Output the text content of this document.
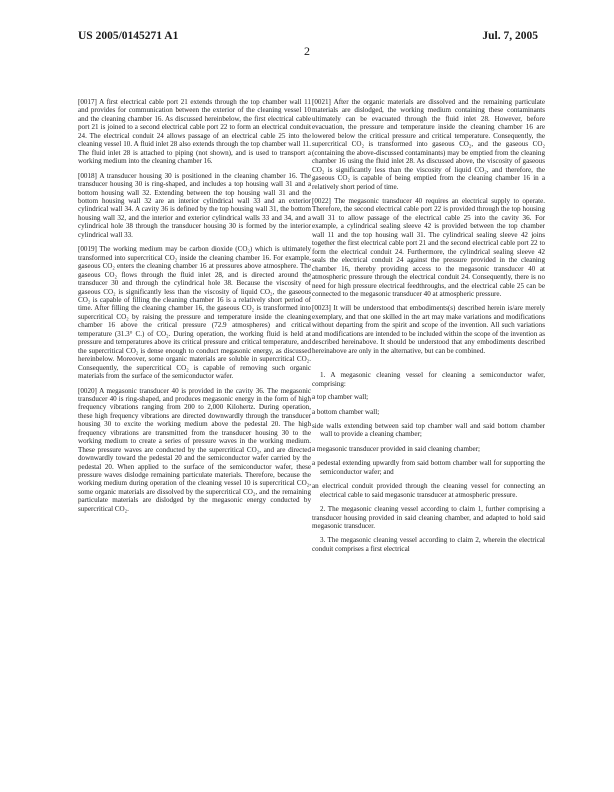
US 2005/0145271 A1	Jul. 7, 2005
2

[0017] A first electrical cable port 21 extends through the top chamber wall 11 and provides for communication between the exterior of the cleaning vessel 10 and the cleaning chamber 16. As discussed hereinbelow, the first electrical cable port 21 is joined to a second electrical cable port 22 to form an electrical conduit 24. The electrical conduit 24 allows passage of an electrical cable 25 into the cleaning vessel 10. A fluid inlet 28 also extends through the top chamber wall 11. The fluid inlet 28 is attached to piping (not shown), and is used to transport a working medium into the cleaning chamber 16.

[0018] A transducer housing 30 is positioned in the cleaning chamber 16. The transducer housing 30 is ring-shaped, and includes a top housing wall 31 and a bottom housing wall 32. Extending between the top housing wall 31 and the bottom housing wall 32 are an interior cylindrical wall 33 and an exterior cylindrical wall 34. A cavity 36 is defined by the top housing wall 31, the bottom housing wall 32, and the interior and exterior cylindrical walls 33 and 34, and a cylindrical hole 38 through the transducer housing 30 is formed by the interior cylindrical wall 33.

[0019] The working medium may be carbon dioxide (CO₂) which is ultimately transformed into supercritical CO₂ inside the cleaning chamber 16. For example, gaseous CO₂ enters the cleaning chamber 16 at pressures above atmosphere. The gaseous CO₂ flows through the fluid inlet 28, and is directed around the transducer 30 and through the cylindrical hole 38. Because the viscosity of gaseous CO₂ is significantly less than the viscosity of liquid CO₂, the gaseous CO₂ is capable of filling the cleaning chamber 16 is a relatively short period of time. After filling the cleaning chamber 16, the gaseous CO₂ is transformed into supercritical CO₂ by raising the pressure and temperature inside the cleaning chamber 16 above the critical pressure (72.9 atmospheres) and critical temperature (31.3° C.) of CO₂. During operation, the working fluid is held at pressure and temperatures above its critical pressure and critical temperature, and the supercritical CO₂ is dense enough to conduct megasonic energy, as discussed hereinbelow. Moreover, some organic materials are soluble in supercritical CO₂. Consequently, the supercritical CO₂ is capable of removing such organic materials from the surface of the semiconductor wafer.

[0020] A megasonic transducer 40 is provided in the cavity 36. The megasonic transducer 40 is ring-shaped, and produces megasonic energy in the form of high frequency vibrations ranging from 200 to 2,000 Kilohertz. During operation, these high frequency vibrations are directed downwardly through the transducer housing 30 to excite the working medium above the pedestal 20. The high frequency vibrations are transmitted from the transducer housing 30 to the working medium to create a series of pressure waves in the working medium. These pressure waves are conducted by the supercritical CO₂, and are directed downwardly toward the pedestal 20 and the semiconductor wafer carried by the pedestal 20. When applied to the surface of the semiconductor wafer, these pressure waves dislodge remaining particulate materials. Therefore, because the working medium during operation of the cleaning vessel 10 is supercritical CO₂, some organic materials are dissolved by the supercritical CO₂, and the remaining particulate materials are dislodged by the megasonic energy conducted by supercritical CO₂.

[0021] After the organic materials are dissolved and the remaining particulate materials are dislodged, the working medium containing these contaminants ultimately can be evacuated through the fluid inlet 28. However, before evacuation, the pressure and temperature inside the cleaning chamber 16 are lowered below the critical pressure and critical temperature. Consequently, the supercritical CO₂ is transformed into gaseous CO₂, and the gaseous CO₂ (containing the above-discussed contaminants) may be emptied from the cleaning chamber 16 using the fluid inlet 28. As discussed above, the viscosity of gaseous CO₂ is significantly less than the viscosity of liquid CO₂, and therefore, the gaseous CO₂ is capable of being emptied from the cleaning chamber 16 in a relatively short period of time.

[0022] The megasonic transducer 40 requires an electrical supply to operate. Therefore, the second electrical cable port 22 is provided through the top housing wall 31 to allow passage of the electrical cable 25 into the cavity 36. For example, a cylindrical sealing sleeve 42 is provided between the top chamber wall 11 and the top housing wall 31. The cylindrical sealing sleeve 42 joins together the first electrical cable port 21 and the second electrical cable port 22 to form the electrical conduit 24. Furthermore, the cylindrical sealing sleeve 42 seals the electrical conduit 24 against the pressure provided in the cleaning chamber 16, thereby providing access to the megasonic transducer 40 at atmospheric pressure through the electrical conduit 24. Consequently, there is no need for high pressure electrical feedthroughs, and the electrical cable 25 can be connected to the megasonic transducer 40 at atmospheric pressure.

[0023] It will be understood that embodiments(s) described herein is/are merely exemplary, and that one skilled in the art may make variations and modifications without departing from the spirit and scope of the invention. All such variations and modifications are intended to be included within the scope of the invention as described hereinabove. It should be understood that any embodiments described hereinabove are only in the alternative, but can be combined.

1. A megasonic cleaning vessel for cleaning a semiconductor wafer, comprising:

a top chamber wall;

a bottom chamber wall;

side walls extending between said top chamber wall and said bottom chamber wall to provide a cleaning chamber;

a megasonic transducer provided in said cleaning chamber;

a pedestal extending upwardly from said bottom chamber wall for supporting the semiconductor wafer; and

an electrical conduit provided through the cleaning vessel for connecting an electrical cable to said megasonic transducer at atmospheric pressure.

2. The megasonic cleaning vessel according to claim 1, further comprising a transducer housing provided in said cleaning chamber, and adapted to hold said megasonic transducer.

3. The megasonic cleaning vessel according to claim 2, wherein the electrical conduit comprises a first electrical
